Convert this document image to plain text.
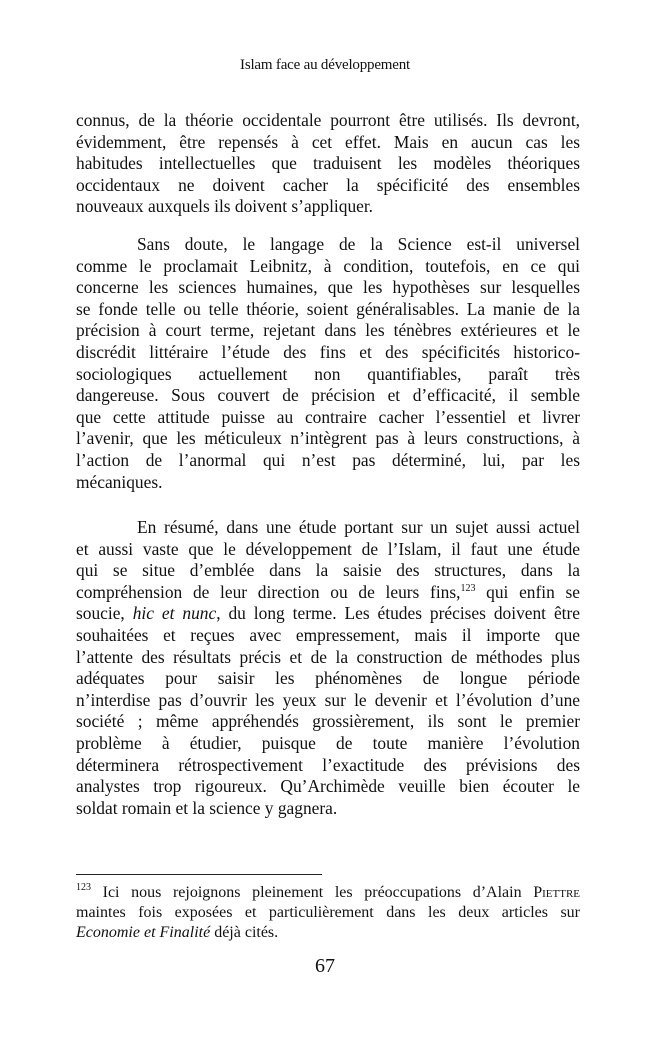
Islam face au développement
connus, de la théorie occidentale pourront être utilisés. Ils devront,
évidemment, être repensés à cet effet. Mais en aucun cas les
habitudes intellectuelles que traduisent les modèles théoriques
occidentaux ne doivent cacher la spécificité des ensembles
nouveaux auxquels ils doivent s’appliquer.
Sans doute, le langage de la Science est-il universel
comme le proclamait Leibnitz, à condition, toutefois, en ce qui
concerne les sciences humaines, que les hypothèses sur lesquelles
se fonde telle ou telle théorie, soient généralisables. La manie de la
précision à court terme, rejetant dans les ténèbres extérieures et le
discrédit littéraire l’étude des fins et des spécificités historico-
sociologiques actuellement non quantifiables, paraît très
dangereuse. Sous couvert de précision et d’efficacité, il semble
que cette attitude puisse au contraire cacher l’essentiel et livrer
l’avenir, que les méticuleux n’intègrent pas à leurs constructions, à
l’action de l’anormal qui n’est pas déterminé, lui, par les
mécaniques.
En résumé, dans une étude portant sur un sujet aussi actuel
et aussi vaste que le développement de l’Islam, il faut une étude
qui se situe d’emblée dans la saisie des structures, dans la
compréhension de leur direction ou de leurs fins,$^{123}$ qui enfin se
soucie, hic et nunc, du long terme. Les études précises doivent être
souhaitées et reçues avec empressement, mais il importe que
l’attente des résultats précis et de la construction de méthodes plus
adéquates pour saisir les phénomènes de longue période
n’interdise pas d’ouvrir les yeux sur le devenir et l’évolution d’une
société ; même appréhendés grossièrement, ils sont le premier
problème à étudier, puisque de toute manière l’évolution
déterminera rétrospectivement l’exactitude des prévisions des
analystes trop rigoureux. Qu’Archimède veuille bien écouter le
soldat romain et la science y gagnera.
$^{123}$ Ici nous rejoignons pleinement les préoccupations d’Alain Piettre
maintes fois exposées et particulièrement dans les deux articles sur
Economie et Finalité déjà cités.
67
